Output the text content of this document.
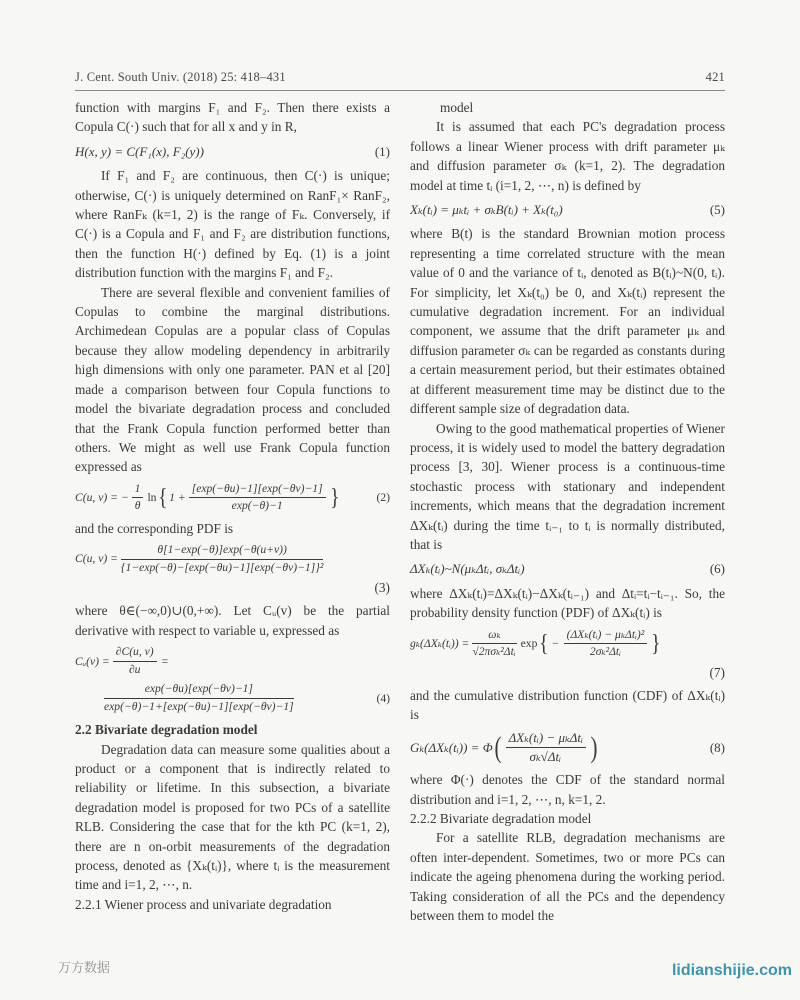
J. Cent. South Univ. (2018) 25: 418–431	421

function with margins F₁ and F₂. Then there exists a Copula C(·) such that for all x and y in R,

H(x, y) = C(F₁(x), F₂(y))	(1)

If F₁ and F₂ are continuous, then C(·) is unique; otherwise, C(·) is uniquely determined on RanF₁× RanF₂, where RanFₖ (k=1, 2) is the range of Fₖ. Conversely, if C(·) is a Copula and F₁ and F₂ are distribution functions, then the function H(·) defined by Eq. (1) is a joint distribution function with the margins F₁ and F₂.

There are several flexible and convenient families of Copulas to combine the marginal distributions. Archimedean Copulas are a popular class of Copulas because they allow modeling dependency in arbitrarily high dimensions with only one parameter. PAN et al [20] made a comparison between four Copula functions to model the bivariate degradation process and concluded that the Frank Copula function performed better than others. We might as well use Frank Copula function expressed as

C(u, v) = − $\frac{1}{\theta}$ ln { $1 + \frac{[\exp(-\theta u)-1][\exp(-\theta v)-1]}{\exp(-\theta)-1}$ }	(2)

and the corresponding PDF is

C(u, $v) = \frac{\theta[1-\exp(-\theta)]\exp(-\theta(u+v))}{\text{\{1−exp(−θ)−[exp(−θu)−1][exp(−θv)−1]\}²}}$
(3)

where θ∈(−∞,0)∪(0,+∞). Let Cᵤ(v) be the partial derivative with respect to variable u, expressed as

Cᵤ(v) = $\frac{\partial C(u, v)}{\partial u}$ =
$\frac{\exp(-\theta u)[\exp(-\theta v)-1]}{\exp(-\theta)-1+[\exp(-\theta u)-1][\exp(-\theta v)-1]}$	(4)

2.2 Bivariate degradation model

Degradation data can measure some qualities about a product or a component that is indirectly related to reliability or lifetime. In this subsection, a bivariate degradation model is proposed for two PCs of a satellite RLB. Considering the case that for the kth PC (k=1, 2), there are n on-orbit measurements of the degradation process, denoted as {Xₖ(tᵢ)}, where tᵢ is the measurement time and i=1, 2, ⋯, n.

2.2.1 Wiener process and univariate degradation

model

It is assumed that each PC's degradation process follows a linear Wiener process with drift parameter μₖ and diffusion parameter σₖ (k=1, 2). The degradation model at time tᵢ (i=1, 2, ⋯, n) is defined by

Xₖ(tᵢ) = μₖtᵢ + σₖB(tᵢ) + Xₖ(t₀)	(5)

where B(t) is the standard Brownian motion process representing a time correlated structure with the mean value of 0 and the variance of tᵢ, denoted as B(tᵢ)~N(0, tᵢ). For simplicity, let Xₖ(t₀) be 0, and Xₖ(tᵢ) represent the cumulative degradation increment. For an individual component, we assume that the drift parameter μₖ and diffusion parameter σₖ can be regarded as constants during a certain measurement period, but their estimates obtained at different measurement time may be distinct due to the different sample size of degradation data.

Owing to the good mathematical properties of Wiener process, it is widely used to model the battery degradation process [3, 30]. Wiener process is a continuous-time stochastic process with stationary and independent increments, which means that the degradation increment ΔXₖ(tᵢ) during the time tᵢ₋₁ to tᵢ is normally distributed, that is

ΔXₖ(tᵢ)~N(μₖΔtᵢ, σₖΔtᵢ)	(6)

where ΔXₖ(tᵢ)=ΔXₖ(tᵢ)−ΔXₖ(tᵢ₋₁) and Δtᵢ=tᵢ−tᵢ₋₁. So, the probability density function (PDF) of ΔXₖ(tᵢ) is

gₖ(ΔXₖ(tᵢ)) = $\frac{\text{ωₖ}}{\text{√2πσₖ²Δtᵢ}}$ exp { − $\frac{\text{(ΔXₖ(tᵢ) − μₖΔtᵢ)²}}{\text{2σₖ²Δtᵢ}}$ }
(7)

and the cumulative distribution function (CDF) of ΔXₖ(tᵢ) is

Gₖ(ΔXₖ(tᵢ)) = Φ ( $\frac{\text{ΔXₖ(tᵢ) − μₖΔtᵢ}}{\text{σₖ√Δtᵢ}}$ )	(8)

where Φ(·) denotes the CDF of the standard normal distribution and i=1, 2, ⋯, n, k=1, 2.

2.2.2 Bivariate degradation model

For a satellite RLB, degradation mechanisms are often inter-dependent. Sometimes, two or more PCs can indicate the ageing phenomena during the working period. Taking consideration of all the PCs and the dependency between them to model the

万方数据	lidianshijie.com
